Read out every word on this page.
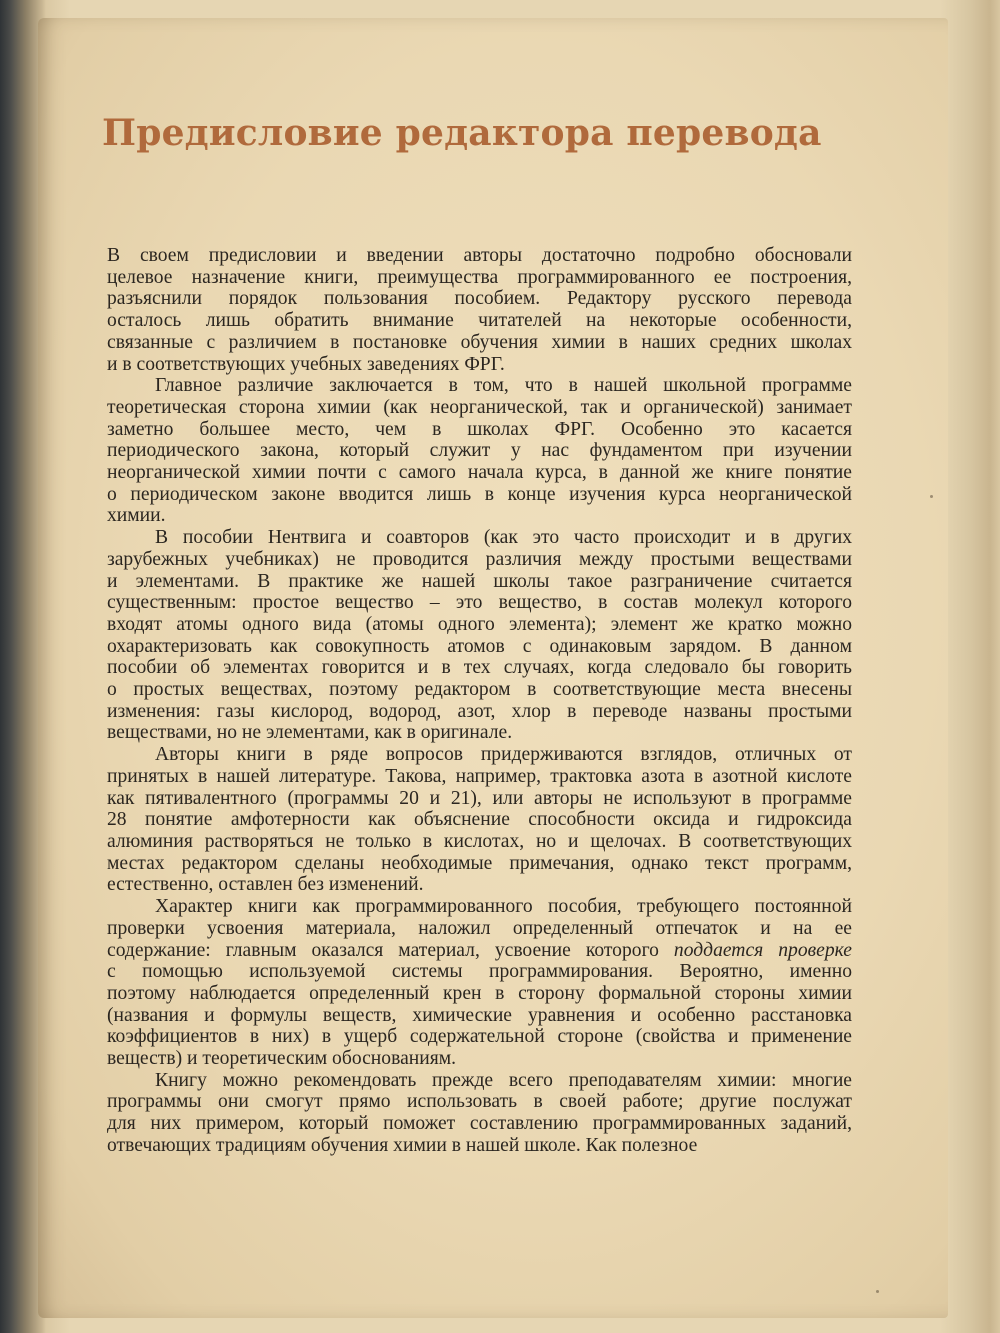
Предисловие редактора перевода
В своем предисловии и введении авторы достаточно подробно обосновали
целевое назначение книги, преимущества программированного ее построения,
разъяснили порядок пользования пособием. Редактору русского перевода
осталось лишь обратить внимание читателей на некоторые особенности,
связанные с различием в постановке обучения химии в наших средних школах
и в соответствующих учебных заведениях ФРГ.
Главное различие заключается в том, что в нашей школьной программе
теоретическая сторона химии (как неорганической, так и органической) занимает
заметно большее место, чем в школах ФРГ. Особенно это касается
периодического закона, который служит у нас фундаментом при изучении
неорганической химии почти с самого начала курса, в данной же книге понятие
о периодическом законе вводится лишь в конце изучения курса неорганической
химии.
В пособии Нентвига и соавторов (как это часто происходит и в других
зарубежных учебниках) не проводится различия между простыми веществами
и элементами. В практике же нашей школы такое разграничение считается
существенным: простое вещество – это вещество, в состав молекул которого
входят атомы одного вида (атомы одного элемента); элемент же кратко можно
охарактеризовать как совокупность атомов с одинаковым зарядом. В данном
пособии об элементах говорится и в тех случаях, когда следовало бы говорить
о простых веществах, поэтому редактором в соответствующие места внесены
изменения: газы кислород, водород, азот, хлор в переводе названы простыми
веществами, но не элементами, как в оригинале.
Авторы книги в ряде вопросов придерживаются взглядов, отличных от
принятых в нашей литературе. Такова, например, трактовка азота в азотной кислоте
как пятивалентного (программы 20 и 21), или авторы не используют в программе
28 понятие амфотерности как объяснение способности оксида и гидроксида
алюминия растворяться не только в кислотах, но и щелочах. В соответствующих
местах редактором сделаны необходимые примечания, однако текст программ,
естественно, оставлен без изменений.
Характер книги как программированного пособия, требующего постоянной
проверки усвоения материала, наложил определенный отпечаток и на ее
содержание: главным оказался материал, усвоение которого поддается проверке
с помощью используемой системы программирования. Вероятно, именно
поэтому наблюдается определенный крен в сторону формальной стороны химии
(названия и формулы веществ, химические уравнения и особенно расстановка
коэффициентов в них) в ущерб содержательной стороне (свойства и применение
веществ) и теоретическим обоснованиям.
Книгу можно рекомендовать прежде всего преподавателям химии: многие
программы они смогут прямо использовать в своей работе; другие послужат
для них примером, который поможет составлению программированных заданий,
отвечающих традициям обучения химии в нашей школе. Как полезное
